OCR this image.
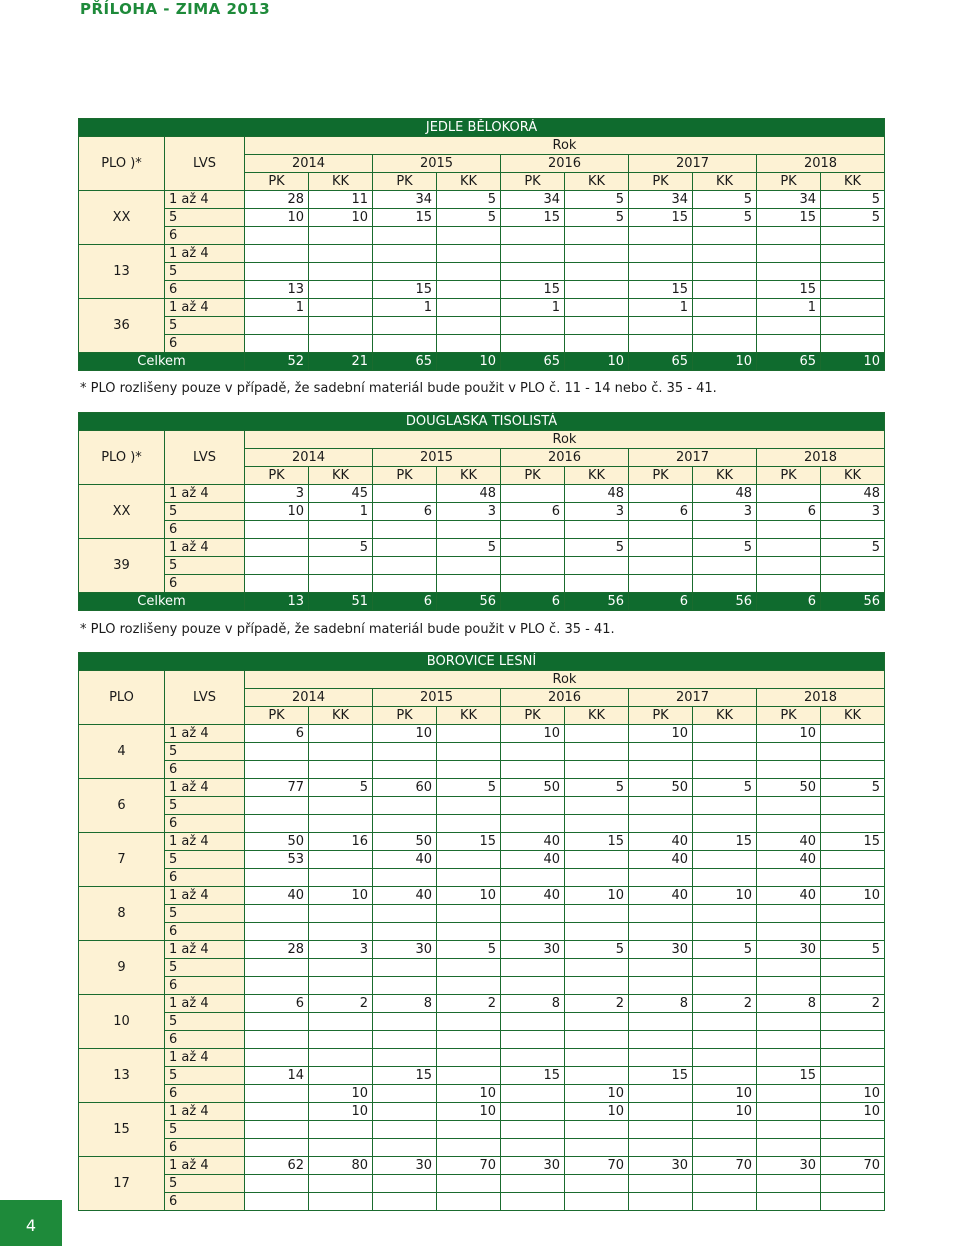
PŘÍLOHA - ZIMA 2013
JEDLE BĚLOKORÁ											
PLO )*	LVS	Rok									
		2014		2015		2016		2017		2018	
		PK	KK	PK	KK	PK	KK	PK	KK	PK	KK
XX	1 až 4	28	11	34	5	34	5	34	5	34	5
	5	10	10	15	5	15	5	15	5	15	5
	6										
13	1 až 4										
	5										
	6	13		15		15		15		15	
36	1 až 4	1		1		1		1		1	
	5										
	6										
Celkem		52	21	65	10	65	10	65	10	65	10
* PLO rozlišeny pouze v případě, že sadební materiál bude použit v PLO č. 11 - 14 nebo č. 35 - 41.
DOUGLASKA TISOLISTÁ											
PLO )*	LVS	Rok									
		2014		2015		2016		2017		2018	
		PK	KK	PK	KK	PK	KK	PK	KK	PK	KK
XX	1 až 4	3	45		48		48		48		48
	5	10	1	6	3	6	3	6	3	6	3
	6										
39	1 až 4		5		5		5		5		5
	5										
	6										
Celkem		13	51	6	56	6	56	6	56	6	56
* PLO rozlišeny pouze v případě, že sadební materiál bude použit v PLO č. 35 - 41.
BOROVICE LESNÍ											
PLO	LVS	Rok									
		2014		2015		2016		2017		2018	
		PK	KK	PK	KK	PK	KK	PK	KK	PK	KK
4	1 až 4	6		10		10		10		10	
	5										
	6										
6	1 až 4	77	5	60	5	50	5	50	5	50	5
	5										
	6										
7	1 až 4	50	16	50	15	40	15	40	15	40	15
	5	53		40		40		40		40	
	6										
8	1 až 4	40	10	40	10	40	10	40	10	40	10
	5										
	6										
9	1 až 4	28	3	30	5	30	5	30	5	30	5
	5										
	6										
10	1 až 4	6	2	8	2	8	2	8	2	8	2
	5										
	6										
13	1 až 4										
	5	14		15		15		15		15	
	6		10		10		10		10		10
15	1 až 4		10		10		10		10		10
	5										
	6										
17	1 až 4	62	80	30	70	30	70	30	70	30	70
	5										
	6										
4
